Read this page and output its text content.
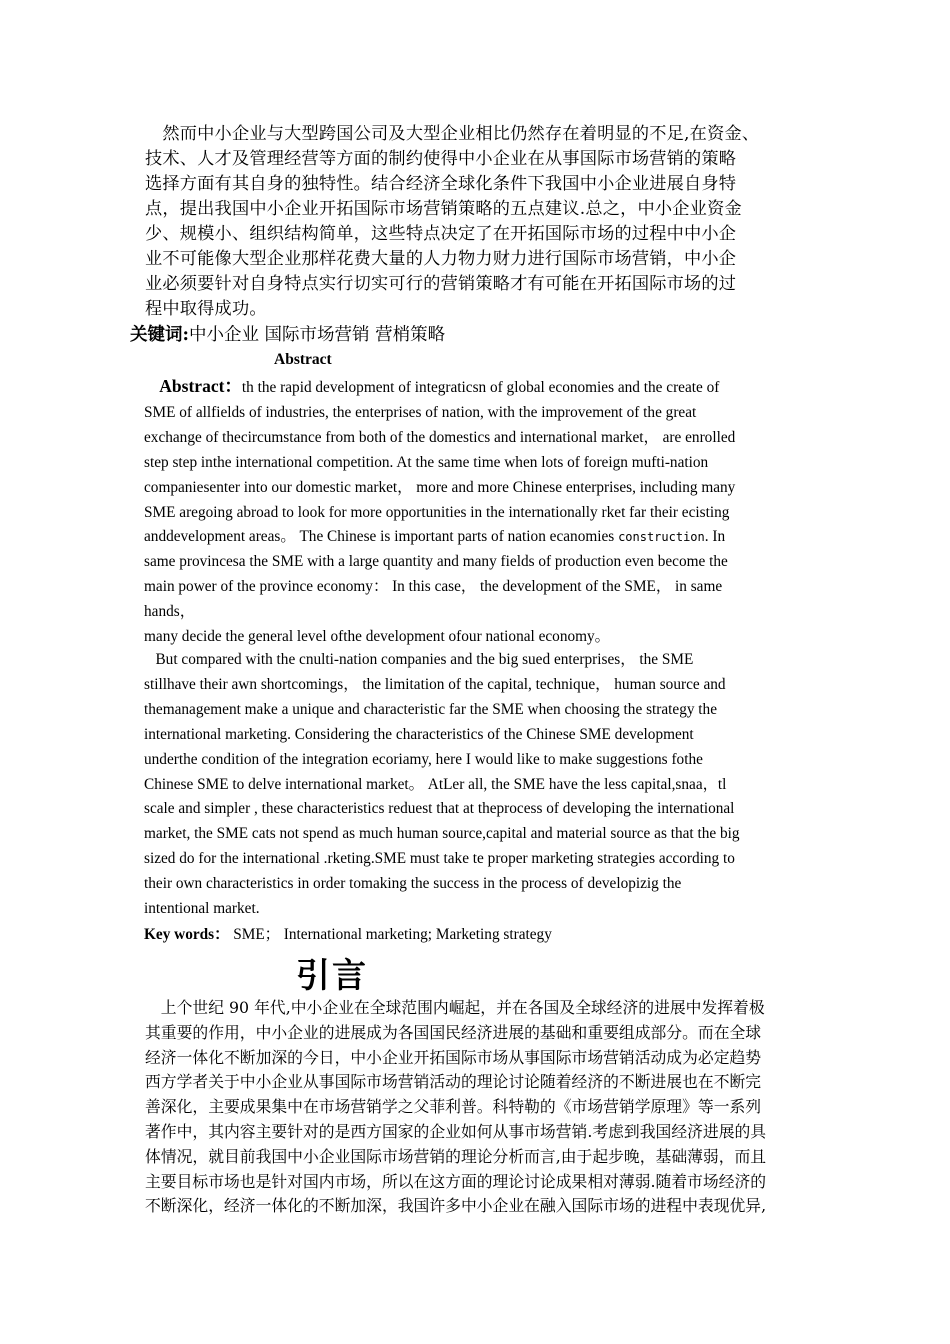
　然而中小企业与大型跨国公司及大型企业相比仍然存在着明显的不足,在资金、
技术、人才及管理经营等方面的制约使得中小企业在从事国际市场营销的策略
选择方面有其自身的独特性。结合经济全球化条件下我国中小企业进展自身特
点，提出我国中小企业开拓国际市场营销策略的五点建议.总之，中小企业资金
少、规模小、组织结构简单，这些特点决定了在开拓国际市场的过程中中小企
业不可能像大型企业那样花费大量的人力物力财力进行国际市场营销，中小企
业必须要针对自身特点实行切实可行的营销策略才有可能在开拓国际市场的过
程中取得成功。
关键词:中小企业 国际市场营销 营梢策略
Abstract
Abstract：th the rapid development of integraticsn of global economies and the create of
SME of allfields of industries, the enterprises of nation, with the improvement of the great
exchange of thecircumstance from both of the domestics and international market， are enrolled
step step inthe international competition. At the same time when lots of foreign mufti-nation
companiesenter into our domestic market， more and more Chinese enterprises, including many
SME aregoing abroad to look for more opportunities in the internationally rket far their ecisting
anddevelopment areas。 The Chinese is important parts of nation ecanomies construction. In
same provincesa the SME with a large quantity and many fields of production even become the
main power of the province economy： In this case， the development of the SME， in same
hands，
many decide the general level ofthe development ofour national economy。
But compared with the cnulti-nation companies and the big sued enterprises， the SME
stillhave their awn shortcomings， the limitation of the capital, technique， human source and
themanagement make a unique and characteristic far the SME when choosing the strategy the
international marketing. Considering the characteristics of the Chinese SME development
underthe condition of the integration ecoriamy, here I would like to make suggestions fothe
Chinese SME to delve international market。 AtLer all, the SME have the less capital,snaa，tl
scale and simpler , these characteristics reduest that at theprocess of developing the international
market, the SME cats not spend as much human source,capital and material source as that the big
sized do for the international .rketing.SME must take te proper marketing strategies according to
their own characteristics in order tomaking the success in the process of developizig the
intentional market.
Key words： SME； International marketing; Marketing strategy
引言
　上个世纪 90 年代,中小企业在全球范围内崛起，并在各国及全球经济的进展中发挥着极
其重要的作用，中小企业的进展成为各国国民经济进展的基础和重要组成部分。而在全球
经济一体化不断加深的今日，中小企业开拓国际市场从事国际市场营销活动成为必定趋势
西方学者关于中小企业从事国际市场营销活动的理论讨论随着经济的不断进展也在不断完
善深化，主要成果集中在市场营销学之父菲利普。科特勒的《市场营销学原理》等一系列
著作中，其内容主要针对的是西方国家的企业如何从事市场营销.考虑到我国经济进展的具
体情况，就目前我国中小企业国际市场营销的理论分析而言,由于起步晚，基础薄弱，而且
主要目标市场也是针对国内市场，所以在这方面的理论讨论成果相对薄弱.随着市场经济的
不断深化，经济一体化的不断加深，我国许多中小企业在融入国际市场的进程中表现优异,
